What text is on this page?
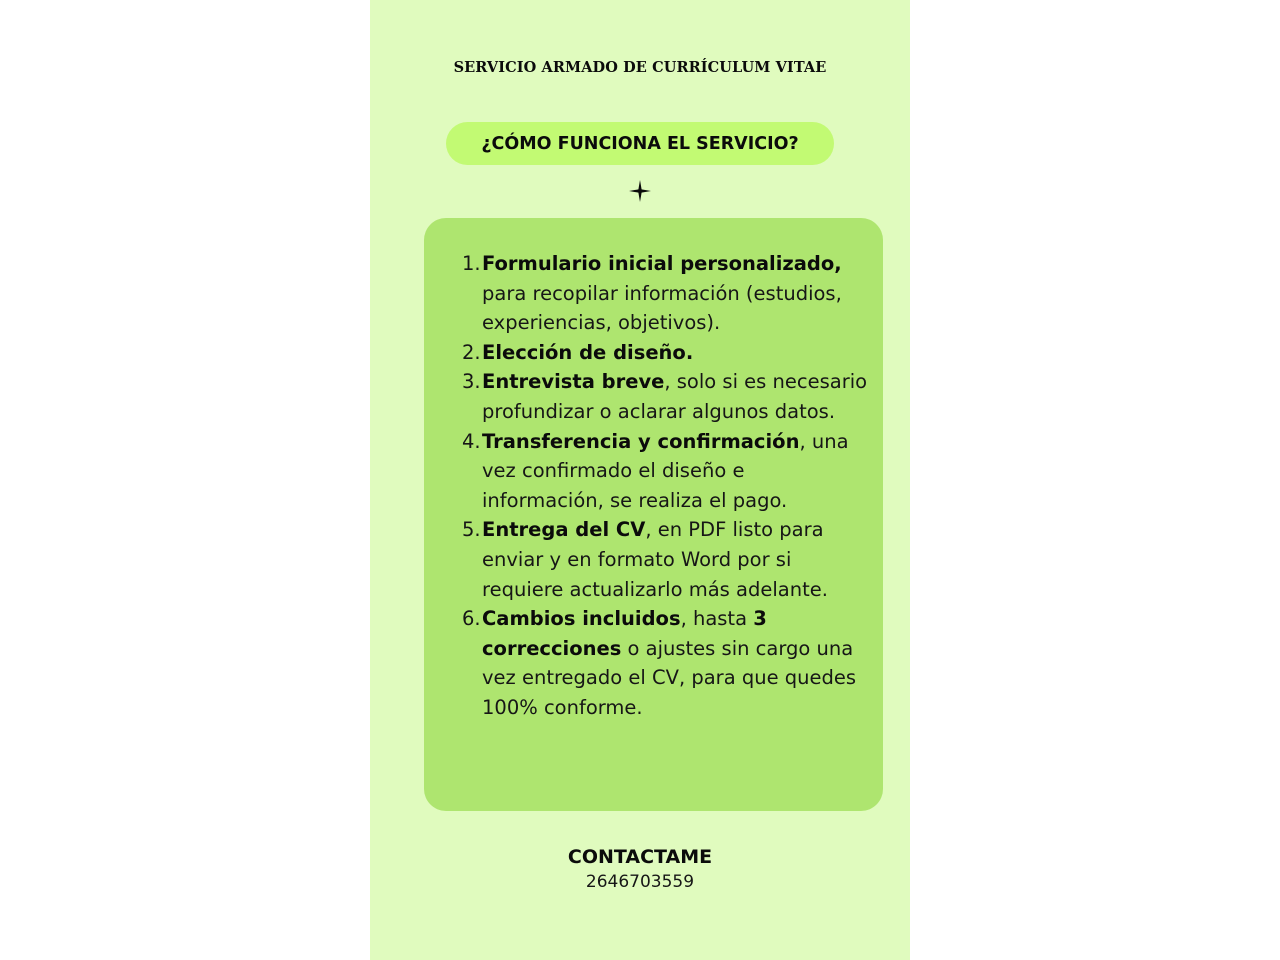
SERVICIO ARMADO DE CURRÍCULUM VITAE
¿CÓMO FUNCIONA EL SERVICIO?
1. Formulario inicial personalizado, para recopilar información (estudios, experiencias, objetivos).
2. Elección de diseño.
3. Entrevista breve, solo si es necesario profundizar o aclarar algunos datos.
4. Transferencia y confirmación, una vez confirmado el diseño e información, se realiza el pago.
5. Entrega del CV, en PDF listo para enviar y en formato Word por si requiere actualizarlo más adelante.
6. Cambios incluidos, hasta 3 correcciones o ajustes sin cargo una vez entregado el CV, para que quedes 100% conforme.
CONTACTAME
2646703559
